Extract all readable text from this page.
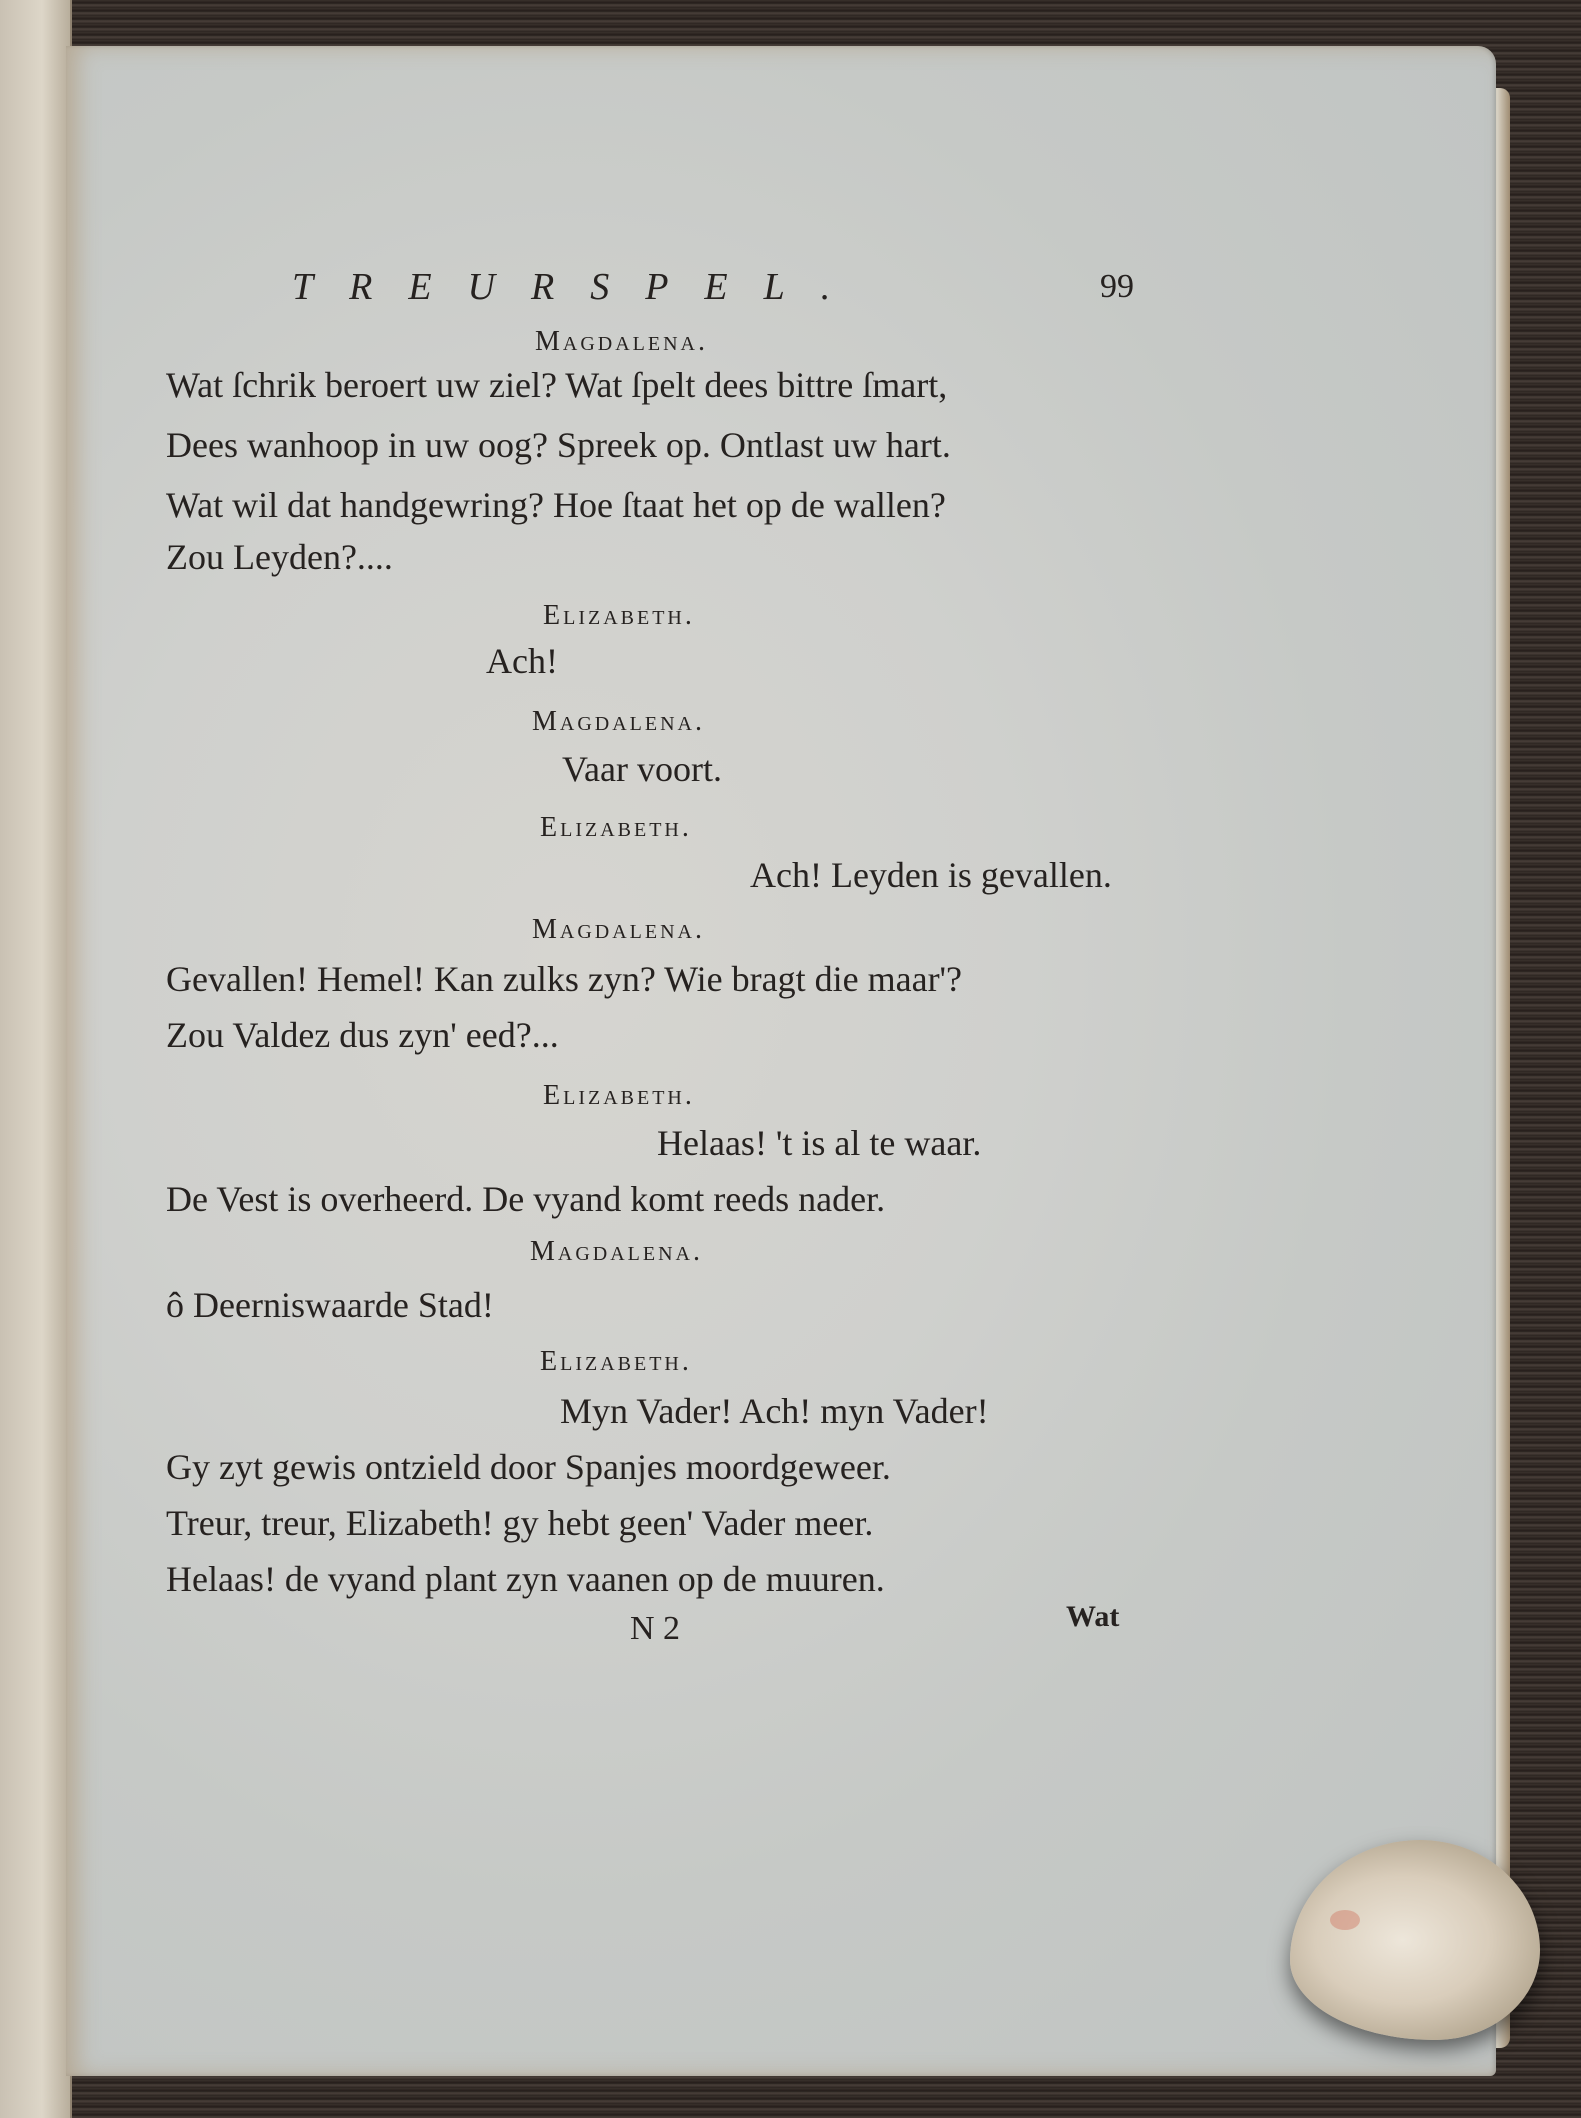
TREURSPEL.	99
Magdalena.
Wat ſchrik beroert uw ziel? Wat ſpelt dees bittre ſmart,
Dees wanhoop in uw oog? Spreek op. Ontlast uw hart.
Wat wil dat handgewring? Hoe ſtaat het op de wallen?
Zou Leyden?....
Elizabeth.
Ach!
Magdalena.
Vaar voort.
Elizabeth.
Ach! Leyden is gevallen.
Magdalena.
Gevallen! Hemel! Kan zulks zyn? Wie bragt die maar'?
Zou Valdez dus zyn' eed?...
Elizabeth.
Helaas! 't is al te waar.
De Vest is overheerd. De vyand komt reeds nader.
Magdalena.
ô Deerniswaarde Stad!
Elizabeth.
Myn Vader! Ach! myn Vader!
Gy zyt gewis ontzield door Spanjes moordgeweer.
Treur, treur, Elizabeth! gy hebt geen' Vader meer.
Helaas! de vyand plant zyn vaanen op de muuren.
N 2	Wat
